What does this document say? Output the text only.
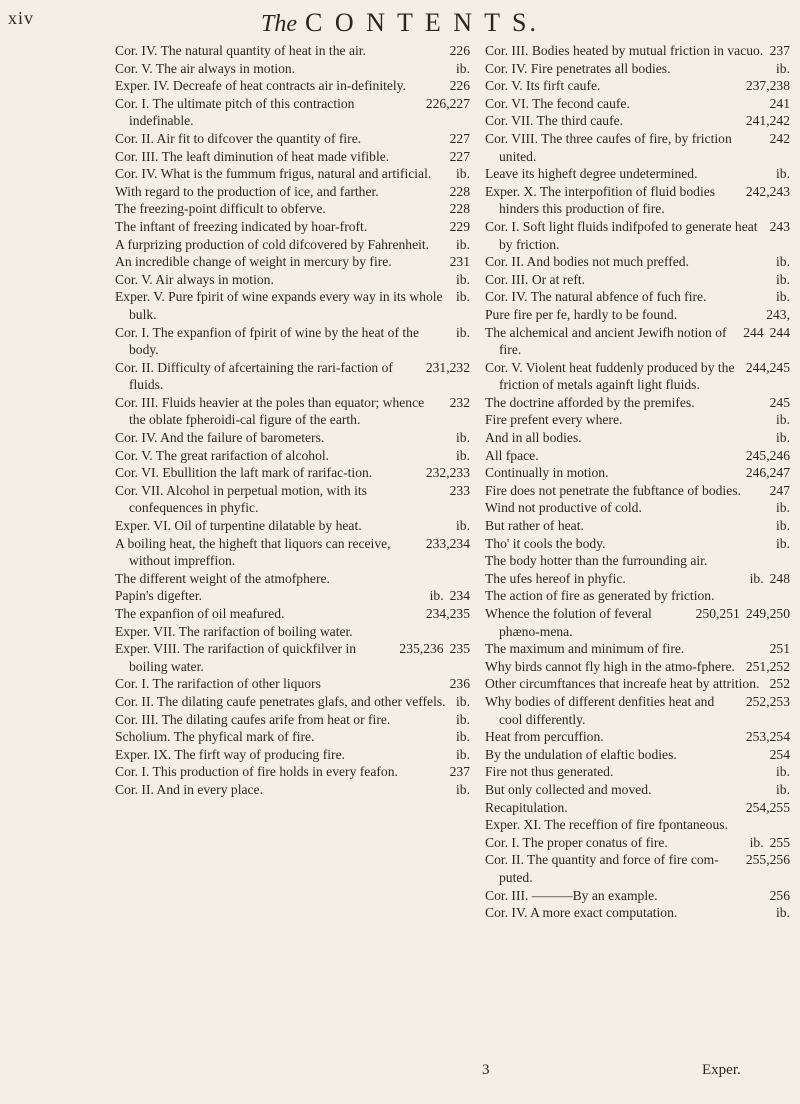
xiv	The C O N T E N T S.
226
Cor. IV. The natural quantity of heat in the air.
ib.
Cor. V. The air always in motion.
226
Exper. IV. Decreafe of heat contracts air in-definitely.
226,227
Cor. I. The ultimate pitch of this contraction indefinable.
227
Cor. II. Air fit to difcover the quantity of fire.
227
Cor. III. The leaft diminution of heat made vifible.
ib.
Cor. IV. What is the fummum frigus, natural and artificial.
228
With regard to the production of ice, and farther.
228
The freezing-point difficult to obferve.
229
The inftant of freezing indicated by hoar-froft.
ib.
A furprizing production of cold difcovered by Fahrenheit.
231
An incredible change of weight in mercury by fire.
ib.
Cor. V. Air always in motion.
ib.
Exper. V. Pure fpirit of wine expands every way in its whole bulk.
ib.
Cor. I. The expanfion of fpirit of wine by the heat of the body.
231,232
Cor. II. Difficulty of afcertaining the rari-faction of fluids.
232
Cor. III. Fluids heavier at the poles than equator; whence the oblate fpheroidi-cal figure of the earth.
ib.
Cor. IV. And the failure of barometers.
ib.
Cor. V. The great rarifaction of alcohol.
232,233
Cor. VI. Ebullition the laft mark of rarifac-tion.
233
Cor. VII. Alcohol in perpetual motion, with its confequences in phyfic.
ib.
Exper. VI. Oil of turpentine dilatable by heat.
233,234
A boiling heat, the higheft that liquors can receive, without impreffion.
The different weight of the atmofphere.
234
ib.
Papin's digefter.
234,235
The expanfion of oil meafured.
Exper. VII. The rarifaction of boiling water.
235
235,236
Exper. VIII. The rarifaction of quickfilver in boiling water.
236
Cor. I. The rarifaction of other liquors
ib.
Cor. II. The dilating caufe penetrates glafs, and other veffels.
ib.
Cor. III. The dilating caufes arife from heat or fire.
ib.
Scholium. The phyfical mark of fire.
ib.
Exper. IX. The firft way of producing fire.
237
Cor. I. This production of fire holds in every feafon.
ib.
Cor. II. And in every place.
237
Cor. III. Bodies heated by mutual friction in vacuo.
ib.
Cor. IV. Fire penetrates all bodies.
237,238
Cor. V. Its firft caufe.
241
Cor. VI. The fecond caufe.
241,242
Cor. VII. The third caufe.
242
Cor. VIII. The three caufes of fire, by friction united.
ib.
Leave its higheft degree undetermined.
242,243
Exper. X. The interpofition of fluid bodies hinders this production of fire.
243
Cor. I. Soft light fluids indifpofed to generate heat by friction.
ib.
Cor. II. And bodies not much preffed.
ib.
Cor. III. Or at reft.
ib.
Cor. IV. The natural abfence of fuch fire.
243,
Pure fire per fe, hardly to be found.
244
244
The alchemical and ancient Jewifh notion of fire.
244,245
Cor. V. Violent heat fuddenly produced by the friction of metals againft light fluids.
245
The doctrine afforded by the premifes.
ib.
Fire prefent every where.
ib.
And in all bodies.
245,246
All fpace.
246,247
Continually in motion.
247
Fire does not penetrate the fubftance of bodies.
ib.
Wind not productive of cold.
ib.
But rather of heat.
ib.
Tho' it cools the body.
The body hotter than the furrounding air.
248
ib.
The ufes hereof in phyfic.
The action of fire as generated by friction.
249,250
250,251
Whence the folution of feveral phæno-mena.
251
The maximum and minimum of fire.
251,252
Why birds cannot fly high in the atmo-fphere.
252
Other circumftances that increafe heat by attrition.
252,253
Why bodies of different denfities heat and cool differently.
253,254
Heat from percuffion.
254
By the undulation of elaftic bodies.
ib.
Fire not thus generated.
ib.
But only collected and moved.
254,255
Recapitulation.
Exper. XI. The receffion of fire fpontaneous.
255
ib.
Cor. I. The proper conatus of fire.
255,256
Cor. II. The quantity and force of fire com-puted.
256
Cor. III. ———By an example.
ib.
Cor. IV. A more exact computation.
3	Exper.
